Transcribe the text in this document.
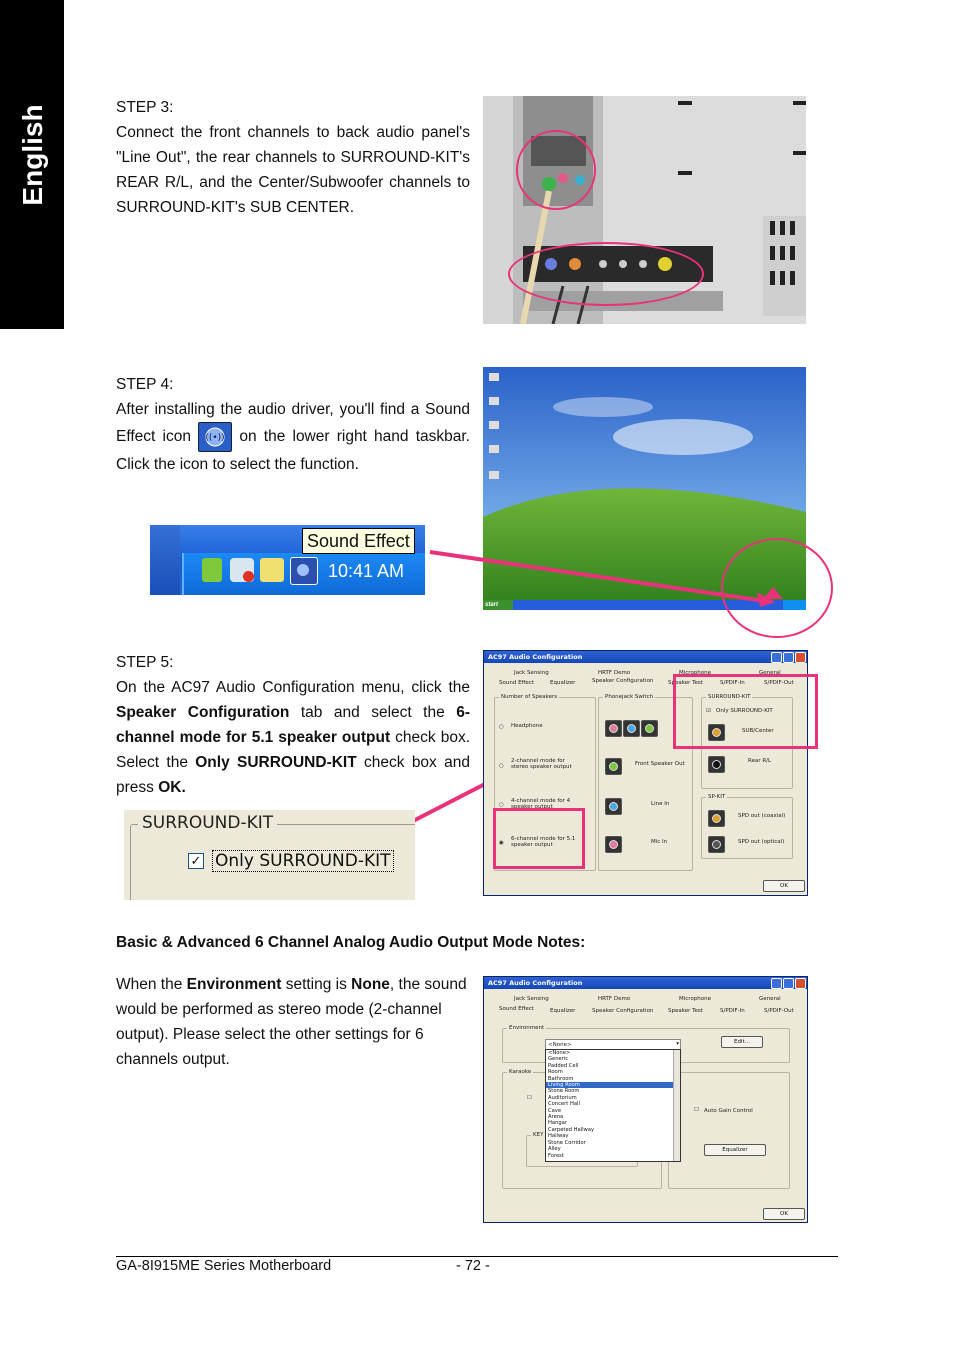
English	STEP 3:
Connect the front channels to back audio panel's "Line Out", the rear channels to SURROUND-KIT's REAR R/L, and the Center/Subwoofer channels to SURROUND-KIT's SUB CENTER.
STEP 4:
After installing the audio driver, you'll find a Sound Effect icon ((•)) on the lower right hand taskbar. Click the icon to select the function.
start
Sound Effect
10:41 AM
STEP 5:
On the AC97 Audio Configuration menu, click the Speaker Configuration tab and select the 6-channel mode for 5.1 speaker output check box. Select the Only SURROUND-KIT check box and press OK.
SURROUND-KIT
✓ Only SURROUND-KIT
AC97 Audio Configuration
Jack Sensing	HRTF Demo	Microphone	General
Sound Effect	Equalizer	Speaker Configuration	Speaker Test	S/PDIF-In	S/PDIF-Out
Number of Speakers
○ Headphone
○
2-channel mode for stereo speaker output
○
4-channel mode for 4 speaker output
◉
6-channel mode for 5.1 speaker output
Phonejack Switch
Front Speaker Out
Line In
Mic In
SURROUND-KIT
☑ Only SURROUND-KIT
SUB/Center
Rear R/L
SP-KIT
SPD out (coaxial)
SPD out (optical)
OK
Basic & Advanced 6 Channel Analog Audio Output Mode Notes:
When the Environment setting is None, the sound would be performed as stereo mode (2-channel output). Please select the other settings for 6 channels output.
AC97 Audio Configuration
Jack Sensing	HRTF Demo	Microphone	General
Sound Effect	Equalizer	Speaker Configuration	Speaker Test	S/PDIF-In	S/PDIF-Out
Environment
<None>	▾	Edit...
Karaoke
☐
KEY
☐ Auto Gain Control
Equalizer
<None>
Generic
Padded Cell
Room
Bathroom
Living Room
Stone Room
Auditorium
Concert Hall
Cave
Arena
Hangar
Carpeted Hallway
Hallway
Stone Corridor
Alley
Forest
OK
GA-8I915ME Series Motherboard	- 72 -
